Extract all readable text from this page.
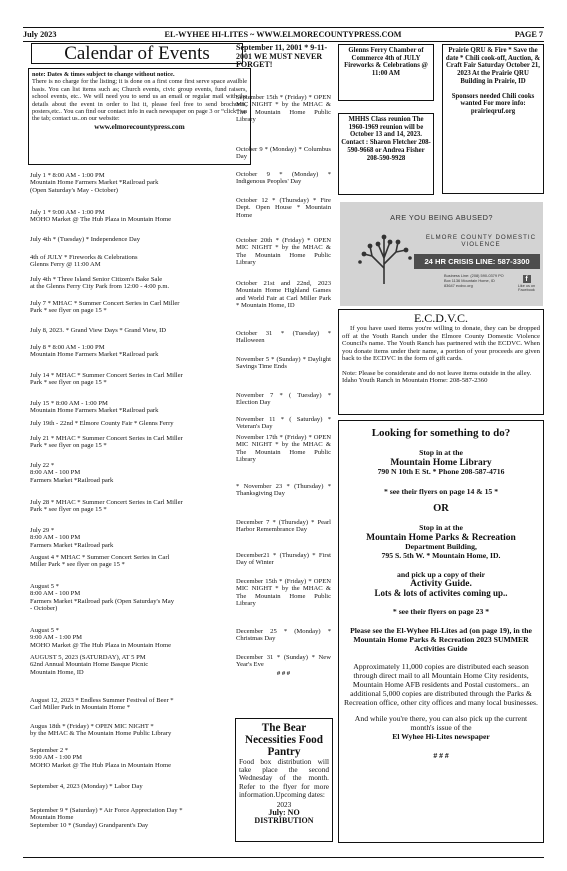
July 2023	EL-WYHEE HI-LITES ~ WWW.ELMORECOUNTYPRESS.COM	PAGE 7
Calendar of Events
note: Dates & times subject to change without notice.
There is no charge for the listing; it is done on a first come first serve space availble basis. You can list items such as; Church events, civic group events, fund raisers, school events, etc.. We will need you to send us an email or regular mail with the details about the event in order to list it, please feel free to send brochures, posters,etc.. You can find our contact info in each newspaper on page 3 or “click” on the tab; contact us..on our website:
www.elmorecountypress.com
July 1 * 8:00 AM - 1:00 PM
Mountain Home Farmers Market *Railroad park
(Open Saturday's May - October)
July 1 * 9:00 AM - 1:00 PM
MOHO Market @ The Hub Plaza in Mountain Home
July 4th * (Tuesday) * Independence Day
4th of JULY * Fireworks & Celebrations
Glenns Ferry @ 11:00 AM
July 4th * Three Island Senior Citizen's Bake Sale
at the Glenns Ferry City Park from 12:00 - 4:00 p.m.
July 7 * MHAC * Summer Concert Series in Carl Miller
Park * see flyer on page 15 *
July 8, 2023. * Grand View Days * Grand View, ID
July 8 * 8:00 AM - 1:00 PM
Mountain Home Farmers Market *Railroad park
July 14 * MHAC * Summer Concert Series in Carl Miller
Park * see flyer on page 15 *
July 15 * 8:00 AM - 1:00 PM
Mountain Home Farmers Market *Railroad park
July 19th - 22nd * Elmore County Fair * Glenns Ferry
July 21 * MHAC * Summer Concert Series in Carl Miller
Park * see flyer on page 15 *
July 22 *
8:00 AM - 100 PM
Farmers Market *Railroad park
July 28 * MHAC * Summer Concert Series in Carl Miller
Park * see flyer on page 15 *
July 29 *
8:00 AM - 100 PM
Farmers Market *Railroad park
August 4 * MHAC * Summer Concert Series in Carl
Miller Park * see flyer on page 15 *
August 5 *
8:00 AM - 100 PM
Farmers Market *Railroad park (Open Saturday's May
- October)
August 5 *
9:00 AM - 1:00 PM
MOHO Market @ The Hub Plaza in Mountain Home
AUGUST 5, 2023 (SATURDAY), AT 5 PM
62nd Annual Mountain Home Basque Picnic
Mountain Home, ID
August 12, 2023 * Endless Summer Festival of Beer *
Carl Miller Park in Mountain Home *
Augus 18th * (Friday) * OPEN MIC NIGHT *
by the MHAC & The Mountain Home Public Library
September 2 *
9:00 AM - 1:00 PM
MOHO Market @ The Hub Plaza in Mountain Home
September 4, 2023 (Monday) * Labor Day
September 9 * (Saturday) * Air Force Appreciation Day *
Mountain Home
September 10 * (Sunday) Grandparent's Day
September 11, 2001 * 9-11-2001 WE MUST NEVER FORGET!
September 15th * (Friday) * OPEN MIC NIGHT * by the MHAC & The Mountain Home Public Library
October 9 * (Monday) * Columbus Day
October 9 * (Monday) * Indigenous Peoples' Day
October 12 * (Thursday) * Fire Dept. Open House * Mountain Home
October 20th * (Friday) * OPEN MIC NIGHT * by the MHAC & The Mountain Home Public Library
October 21st and 22nd, 2023 Mountain Home Highland Games and World Fair at Carl Miller Park * Mountain Home, ID
October 31 * (Tuesday) * Halloween
November 5 * (Sunday) * Daylight Savings Time Ends
November 7 * ( Tuesday) * Election Day
November 11 * ( Saturday) * Veteran's Day
November 17th * (Friday) * OPEN MIC NIGHT * by the MHAC & The Mountain Home Public Library
* November 23 * (Thursday) * Thanksgiving Day
December 7 * (Thursday) * Pearl Harbor Remembrance Day
December21 * (Thursday) * First Day of Winter
December 15th * (Friday) * OPEN MIC NIGHT * by the MHAC & The Mountain Home Public Library
December 25 * (Monday) * Christmas Day
December 31 * (Sunday) * New Year's Eve
# # #
The Bear Necessities Food Pantry
Food box distribution will take place the second Wednesday of the month. Refer to the flyer for more information.Upcoming dates:
2023
July: NO DISTRIBUTION
Glenns Ferry Chamber of Commerce 4th of JULY Fireworks & Celebrations @ 11:00 AM
MHHS Class reunion The 1960-1969 reunion will be October 13 and 14, 2023. Contact : Sharon Fletcher 208-590-9668 or Andrea Fisher 208-590-9928
Prairie QRU & Fire * Save the date * Chili cook-off, Auction, & Craft Fair Saturday October 21, 2023 At the Prairie QRU Building in Prairie, ID
Sponsors needed Chili cooks wanted For more info: prairieqruf.org
ARE YOU BEING ABUSED?
ELMORE COUNTY DOMESTIC VIOLENCE
24 HR CRISIS LINE: 587-3300
Business Line: (208) 590-0379 PO Box 1136 Mountain Home, ID 83647 ecdvc.org
f
Like us on Facebook
E.C.D.V.C.
If you have used items you're willing to donate, they can be dropped off at the Youth Ranch under the Elmore County Domestic Violence Council's name. The Youth Ranch has partnered with the ECDVC. When you donate items under their name, a portion of your proceeds are given back to the ECDVC in the form of gift cards.
Note: Please be considerate and do not leave items outside in the alley.
Idaho Youth Ranch in Mountain Home: 208-587-2360
Looking for something to do?
Stop in at the
Mountain Home Library
790 N 10th E St. * Phone 208-587-4716
* see their flyers on page 14 & 15 *
OR
Stop in at the
Mountain Home Parks & Recreation
Department Building,
795 S. 5th W. * Mountain Home, ID.
and pick up a copy of their
Activity Guide.
Lots & lots of activites coming up..
* see their flyers on page 23 *
Please see the El-Wyhee Hi-Lites ad (on page 19), in the Mountain Home Parks & Recreation 2023 SUMMER Activities Guide
Approximately 11,000 copies are distributed each season through direct mail to all Mountain Home City residents, Mountain Home AFB residents and Postal customers.. an additional 5,000 copies are distributed through the Parks & Recreation office, other city offices and many local businesses.
And while you're there, you can also pick up the current month's issue of the
El Wyhee Hi-Lites newspaper
# # #
